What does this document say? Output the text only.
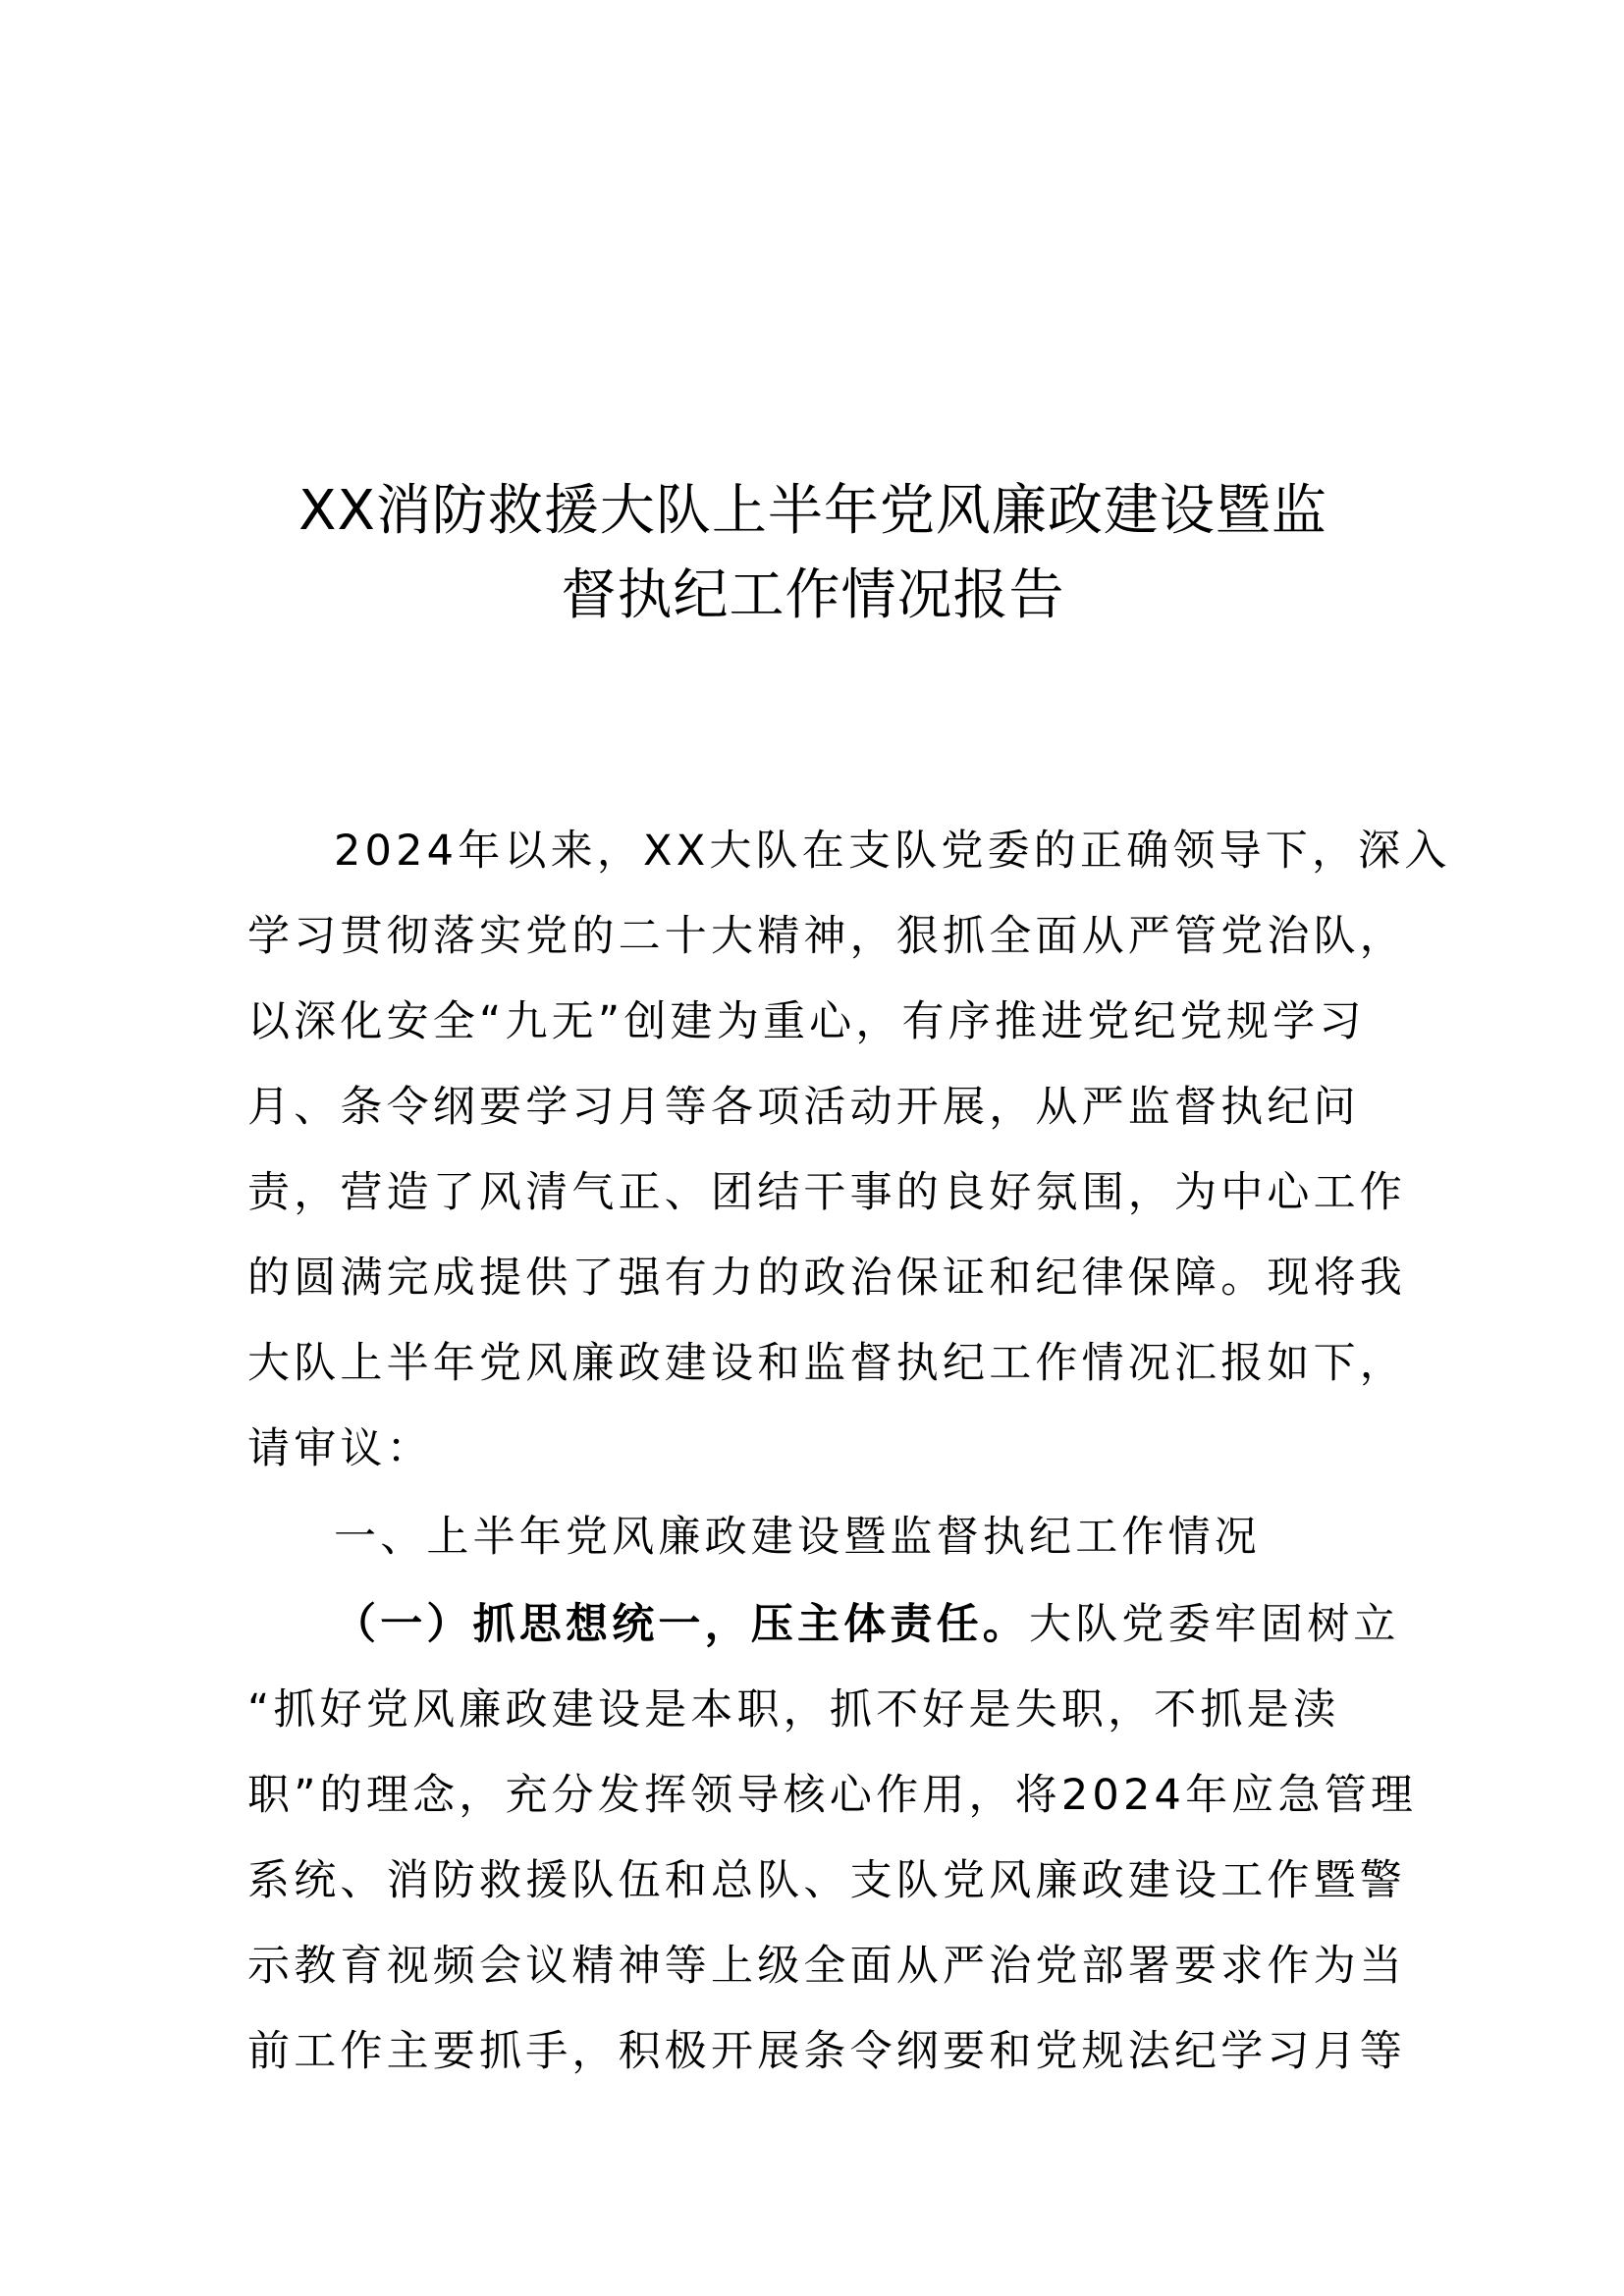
XX消防救援大队上半年党风廉政建设暨监
督执纪工作情况报告
2024年以来，XX大队在支队党委的正确领导下，深入
学习贯彻落实党的二十大精神，狠抓全面从严管党治队，
以深化安全“九无”创建为重心，有序推进党纪党规学习
月、条令纲要学习月等各项活动开展，从严监督执纪问
责，营造了风清气正、团结干事的良好氛围，为中心工作
的圆满完成提供了强有力的政治保证和纪律保障。现将我
大队上半年党风廉政建设和监督执纪工作情况汇报如下，
请审议：
一、上半年党风廉政建设暨监督执纪工作情况
（一）抓思想统一，压主体责任。大队党委牢固树立
“抓好党风廉政建设是本职，抓不好是失职，不抓是渎
职”的理念，充分发挥领导核心作用，将2024年应急管理
系统、消防救援队伍和总队、支队党风廉政建设工作暨警
示教育视频会议精神等上级全面从严治党部署要求作为当
前工作主要抓手，积极开展条令纲要和党规法纪学习月等
